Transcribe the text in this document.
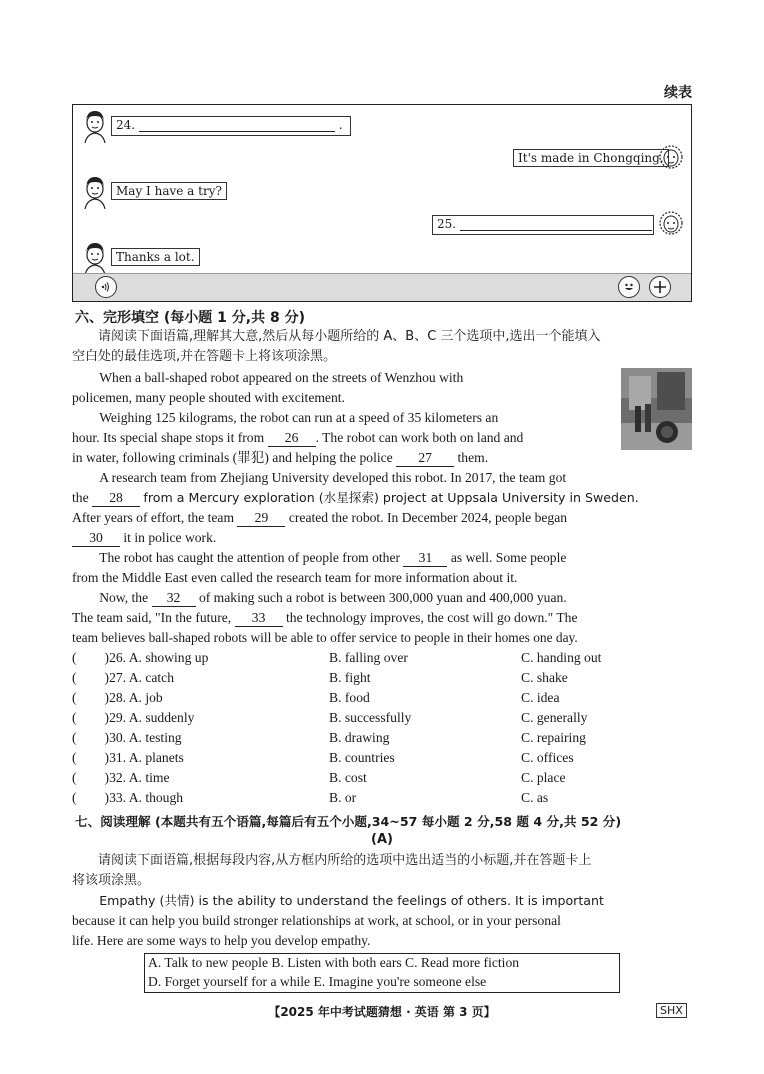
续表
24.	.
It's made in Chongqing.
May I have a try?
25.
Thanks a lot.
六、完形填空 (每小题 1 分,共 8 分)
请阅读下面语篇,理解其大意,然后从每小题所给的 A、B、C 三个选项中,选出一个能填入
空白处的最佳选项,并在答题卡上将该项涂黑。
When a ball-shaped robot appeared on the streets of Wenzhou with
policemen, many people shouted with excitement.
Weighing 125 kilograms, the robot can run at a speed of 35 kilometers an
hour. Its special shape stops it from 26 . The robot can work both on land and
in water, following criminals (罪犯) and helping the police 27 them.
A research team from Zhejiang University developed this robot. In 2017, the team got
the 28 from a Mercury exploration (水星探索) project at Uppsala University in Sweden.
After years of effort, the team 29 created the robot. In December 2024, people began
30 it in police work.
The robot has caught the attention of people from other 31 as well. Some people
from the Middle East even called the research team for more information about it.
Now, the 32 of making such a robot is between 300,000 yuan and 400,000 yuan.
The team said, "In the future, 33 the technology improves, the cost will go down." The
team believes ball-shaped robots will be able to offer service to people in their homes one day.
( )26. A. showing up	B. falling over	C. handing out
( )27. A. catch	B. fight	C. shake
( )28. A. job	B. food	C. idea
( )29. A. suddenly	B. successfully	C. generally
( )30. A. testing	B. drawing	C. repairing
( )31. A. planets	B. countries	C. offices
( )32. A. time	B. cost	C. place
( )33. A. though	B. or	C. as
七、阅读理解 (本题共有五个语篇,每篇后有五个小题,34~57 每小题 2 分,58 题 4 分,共 52 分)
(A)
请阅读下面语篇,根据每段内容,从方框内所给的选项中选出适当的小标题,并在答题卡上
将该项涂黑。
Empathy (共情) is the ability to understand the feelings of others. It is important
because it can help you build stronger relationships at work, at school, or in your personal
life. Here are some ways to help you develop empathy.
A. Talk to new people B. Listen with both ears C. Read more fiction
D. Forget yourself for a while E. Imagine you're someone else
【2025 年中考试题猜想 · 英语 第 3 页】	SHX
